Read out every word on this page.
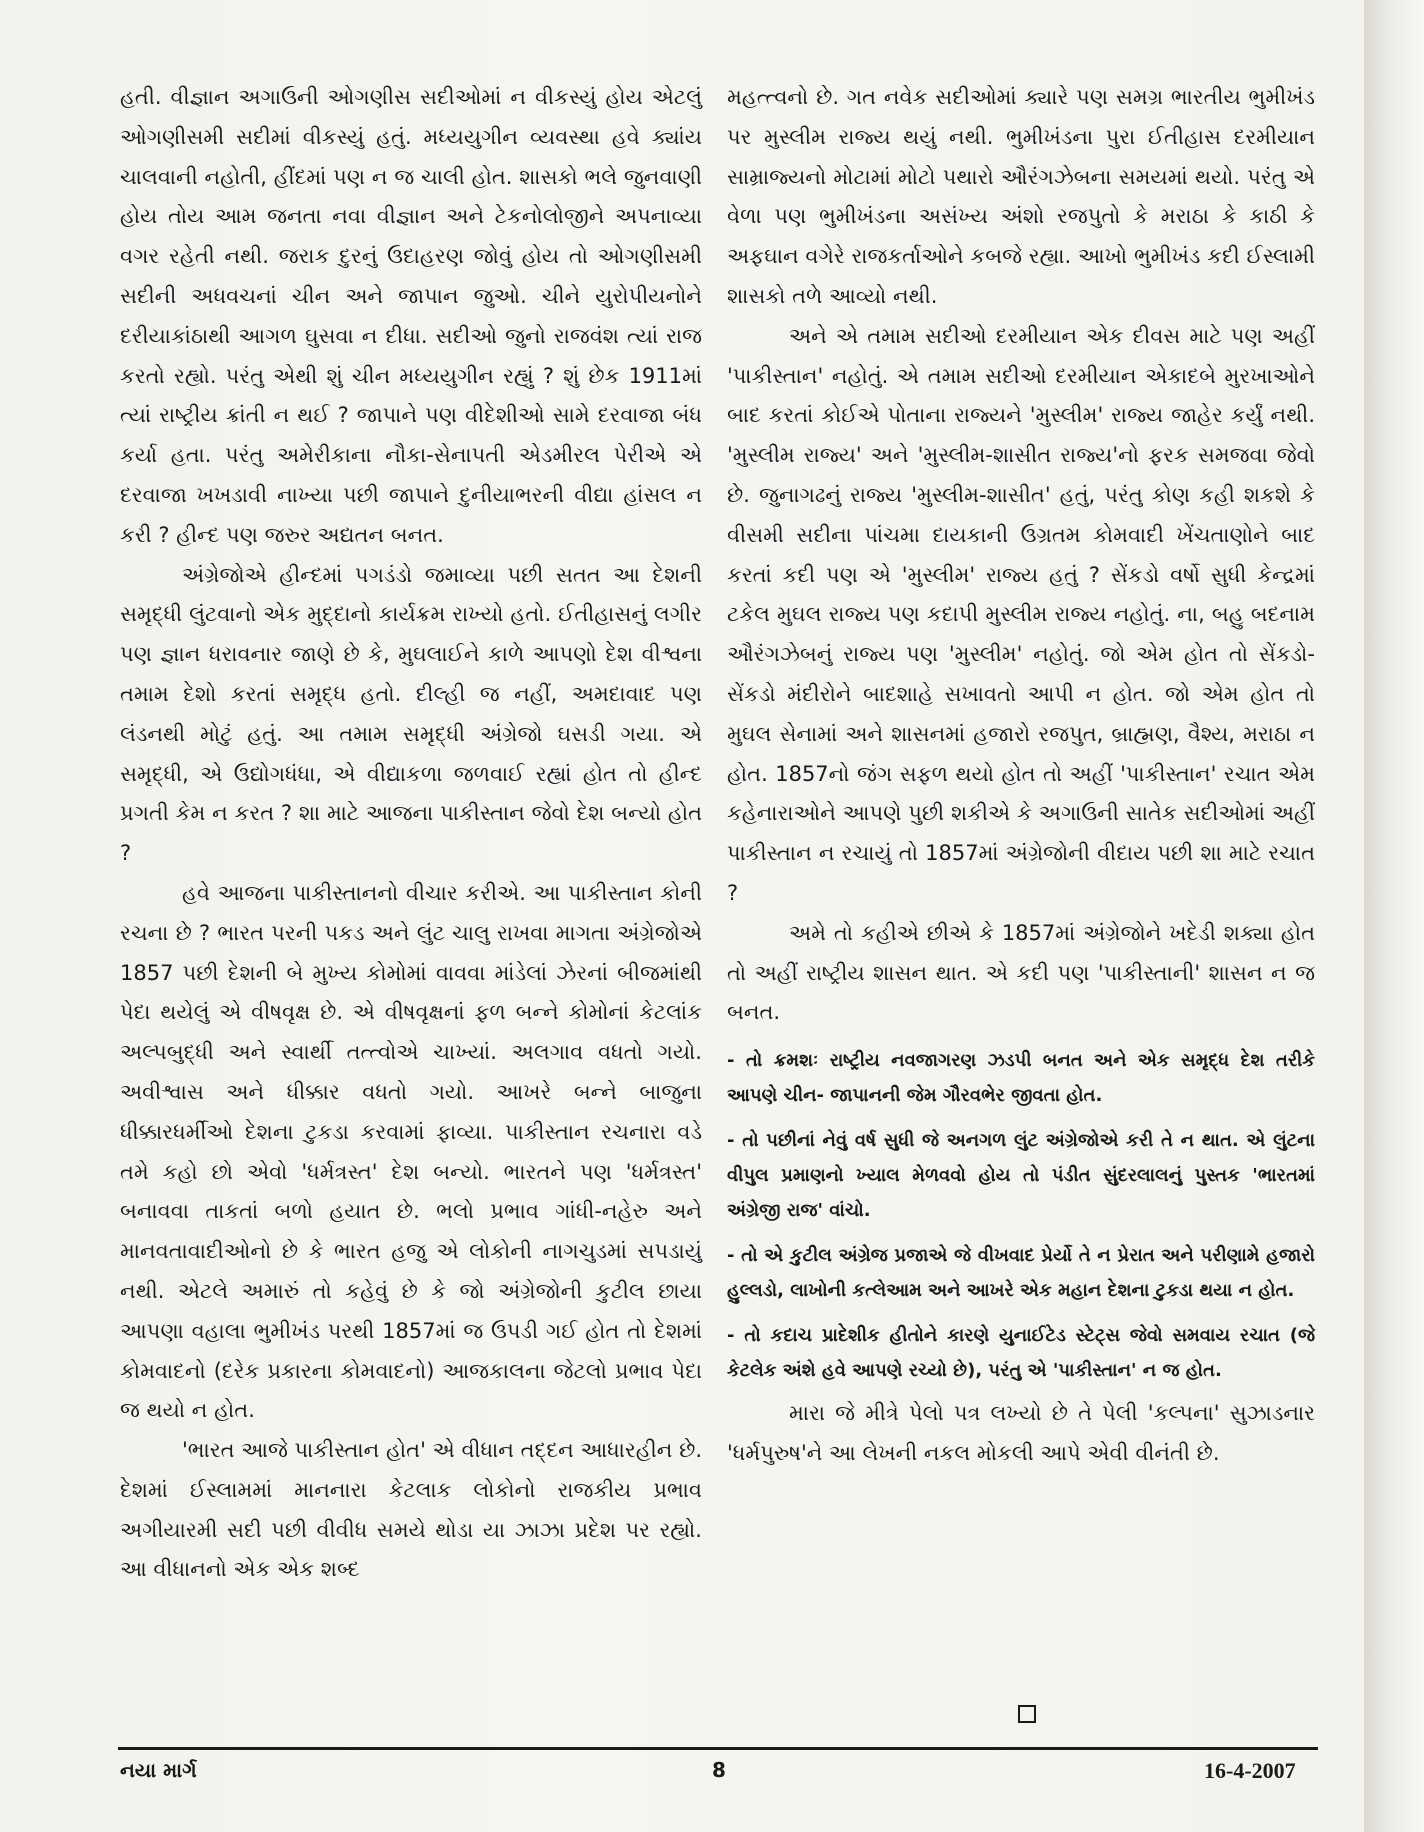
હતી. વીજ્ઞાન અગાઉની ઓગણીસ સદીઓમાં ન વીકસ્યું હોય એટલું ઓગણીસમી સદીમાં વીકસ્યું હતું. મધ્યયુગીન વ્યવસ્થા હવે ક્યાંય ચાલવાની નહોતી, હીંદમાં પણ ન જ ચાલી હોત. શાસકો ભલે જુનવાણી હોય તોય આમ જનતા નવા વીજ્ઞાન અને ટેકનોલોજીને અપનાવ્યા વગર રહેતી નથી. જરાક દુરનું ઉદાહરણ જોવું હોય તો ઓગણીસમી સદીની અધવચનાં ચીન અને જાપાન જુઓ. ચીને યુરોપીયનોને દરીયાકાંઠાથી આગળ ઘુસવા ન દીધા. સદીઓ જુનો રાજવંશ ત્યાં રાજ કરતો રહ્યો. પરંતુ એથી શું ચીન મધ્યયુગીન રહ્યું ? શું છેક 1911માં ત્યાં રાષ્ટ્રીય ક્રાંતી ન થઈ ? જાપાને પણ વીદેશીઓ સામે દરવાજા બંધ કર્યા હતા. પરંતુ અમેરીકાના નૌકા-સેનાપતી એડમીરલ પેરીએ એ દરવાજા ખખડાવી નાખ્યા પછી જાપાને દુનીયાભરની વીદ્યા હાંસલ ન કરી ? હીન્દ પણ જરુર અદ્યતન બનત.

અંગ્રેજોએ હીન્દમાં પગડંડો જમાવ્યા પછી સતત આ દેશની સમૃદ્ધી લુંટવાનો એક મુદ્દાનો કાર્યક્રમ રાખ્યો હતો. ઈતીહાસનું લગીર પણ જ્ઞાન ધરાવનાર જાણે છે કે, મુઘલાઈને કાળે આપણો દેશ વીશ્વના તમામ દેશો કરતાં સમૃદ્ધ હતો. દીલ્હી જ નહીં, અમદાવાદ પણ લંડનથી મોટું હતું. આ તમામ સમૃદ્ધી અંગ્રેજો ઘસડી ગયા. એ સમૃદ્ધી, એ ઉદ્યોગધંધા, એ વીદ્યાકળા જળવાઈ રહ્યાં હોત તો હીન્દ પ્રગતી કેમ ન કરત ? શા માટે આજના પાકીસ્તાન જેવો દેશ બન્યો હોત ?

હવે આજના પાકીસ્તાનનો વીચાર કરીએ. આ પાકીસ્તાન કોની રચના છે ? ભારત પરની પકડ અને લુંટ ચાલુ રાખવા માગતા અંગ્રેજોએ 1857 પછી દેશની બે મુખ્ય કોમોમાં વાવવા માંડેલાં ઝેરનાં બીજમાંથી પેદા થયેલું એ વીષવૃક્ષ છે. એ વીષવૃક્ષનાં ફળ બન્ને કોમોનાં કેટલાંક અલ્પબુદ્ધી અને સ્વાર્થી તત્ત્વોએ ચાખ્યાં. અલગાવ વધતો ગયો. અવીશ્વાસ અને ધીક્કાર વધતો ગયો. આખરે બન્ને બાજુના ધીક્કારધર્મીઓ દેશના ટુકડા કરવામાં ફાવ્યા. પાકીસ્તાન રચનારા વડે તમે કહો છો એવો 'ધર્મત્રસ્ત' દેશ બન્યો. ભારતને પણ 'ધર્મત્રસ્ત' બનાવવા તાકતાં બળો હયાત છે. ભલો પ્રભાવ ગાંધી-નહેરુ અને માનવતાવાદીઓનો છે કે ભારત હજુ એ લોકોની નાગચુડમાં સપડાયું નથી. એટલે અમારું તો કહેવું છે કે જો અંગ્રેજોની કુટીલ છાયા આપણા વહાલા ભુમીખંડ પરથી 1857માં જ ઉપડી ગઈ હોત તો દેશમાં કોમવાદનો (દરેક પ્રકારના કોમવાદનો) આજકાલના જેટલો પ્રભાવ પેદા જ થયો ન હોત.

'ભારત આજે પાકીસ્તાન હોત' એ વીધાન તદ્દન આધારહીન છે. દેશમાં ઈસ્લામમાં માનનારા કેટલાક લોકોનો રાજકીય પ્રભાવ અગીયારમી સદી પછી વીવીધ સમયે થોડા યા ઝાઝા પ્રદેશ પર રહ્યો. આ વીધાનનો એક એક શબ્દ

મહત્ત્વનો છે. ગત નવેક સદીઓમાં ક્યારે પણ સમગ્ર ભારતીય ભુમીખંડ પર મુસ્લીમ રાજ્ય થયું નથી. ભુમીખંડના પુરા ઈતીહાસ દરમીયાન સામ્રાજ્યનો મોટામાં મોટો પથારો ઔરંગઝેબના સમયમાં થયો. પરંતુ એ વેળા પણ ભુમીખંડના અસંખ્ય અંશો રજપુતો કે મરાઠા કે કાઠી કે અફઘાન વગેરે રાજકર્તાઓને કબજે રહ્યા. આખો ભુમીખંડ કદી ઈસ્લામી શાસકો તળે આવ્યો નથી.

અને એ તમામ સદીઓ દરમીયાન એક દીવસ માટે પણ અહીં 'પાકીસ્તાન' નહોતું. એ તમામ સદીઓ દરમીયાન એકાદબે મુરખાઓને બાદ કરતાં કોઈએ પોતાના રાજ્યને 'મુસ્લીમ' રાજ્ય જાહેર કર્યું નથી. 'મુસ્લીમ રાજ્ય' અને 'મુસ્લીમ-શાસીત રાજ્ય'નો ફરક સમજવા જેવો છે. જુનાગઢનું રાજ્ય 'મુસ્લીમ-શાસીત' હતું, પરંતુ કોણ કહી શકશે કે વીસમી સદીના પાંચમા દાયકાની ઉગ્રતમ કોમવાદી ખેંચતાણોને બાદ કરતાં કદી પણ એ 'મુસ્લીમ' રાજ્ય હતું ? સેંકડો વર્ષો સુધી કેન્દ્રમાં ટકેલ મુઘલ રાજ્ય પણ કદાપી મુસ્લીમ રાજ્ય નહોતું. ના, બહુ બદનામ ઔરંગઝેબનું રાજ્ય પણ 'મુસ્લીમ' નહોતું. જો એમ હોત તો સેંકડો-સેંકડો મંદીરોને બાદશાહે સખાવતો આપી ન હોત. જો એમ હોત તો મુઘલ સેનામાં અને શાસનમાં હજારો રજપુત, બ્રાહ્મણ, વૈશ્ય, મરાઠા ન હોત. 1857નો જંગ સફળ થયો હોત તો અહીં 'પાકીસ્તાન' રચાત એમ કહેનારાઓને આપણે પુછી શકીએ કે અગાઉની સાતેક સદીઓમાં અહીં પાકીસ્તાન ન રચાયું તો 1857માં અંગ્રેજોની વીદાય પછી શા માટે રચાત ?

અમે તો કહીએ છીએ કે 1857માં અંગ્રેજોને ખદેડી શક્યા હોત તો અહીં રાષ્ટ્રીય શાસન થાત. એ કદી પણ 'પાકીસ્તાની' શાસન ન જ બનત.

- તો ક્રમશઃ રાષ્ટ્રીય નવજાગરણ ઝડપી બનત અને એક સમૃદ્ધ દેશ તરીકે આપણે ચીન- જાપાનની જેમ ગૌરવભેર જીવતા હોત.

- તો પછીનાં નેવું વર્ષ સુધી જે અનગળ લુંટ અંગ્રેજોએ કરી તે ન થાત. એ લુંટના વીપુલ પ્રમાણનો ખ્યાલ મેળવવો હોય તો પંડીત સુંદરલાલનું પુસ્તક 'ભારતમાં અંગ્રેજી રાજ' વાંચો.

- તો એ કુટીલ અંગ્રેજ પ્રજાએ જે વીખવાદ પ્રેર્યો તે ન પ્રેરાત અને પરીણામે હજારો હુલ્લડો, લાખોની કત્લેઆમ અને આખરે એક મહાન દેશના ટુકડા થયા ન હોત.

- તો કદાચ પ્રાદેશીક હીતોને કારણે યુનાઈટેડ સ્ટેટ્સ જેવો સમવાય રચાત (જે કેટલેક અંશે હવે આપણે રચ્યો છે), પરંતુ એ 'પાકીસ્તાન' ન જ હોત.

મારા જે મીત્રે પેલો પત્ર લખ્યો છે તે પેલી 'કલ્પના' સુઝાડનાર 'ધર્મપુરુષ'ને આ લેખની નકલ મોકલી આપે એવી વીનંતી છે.

નયા માર્ગ	8	16-4-2007
